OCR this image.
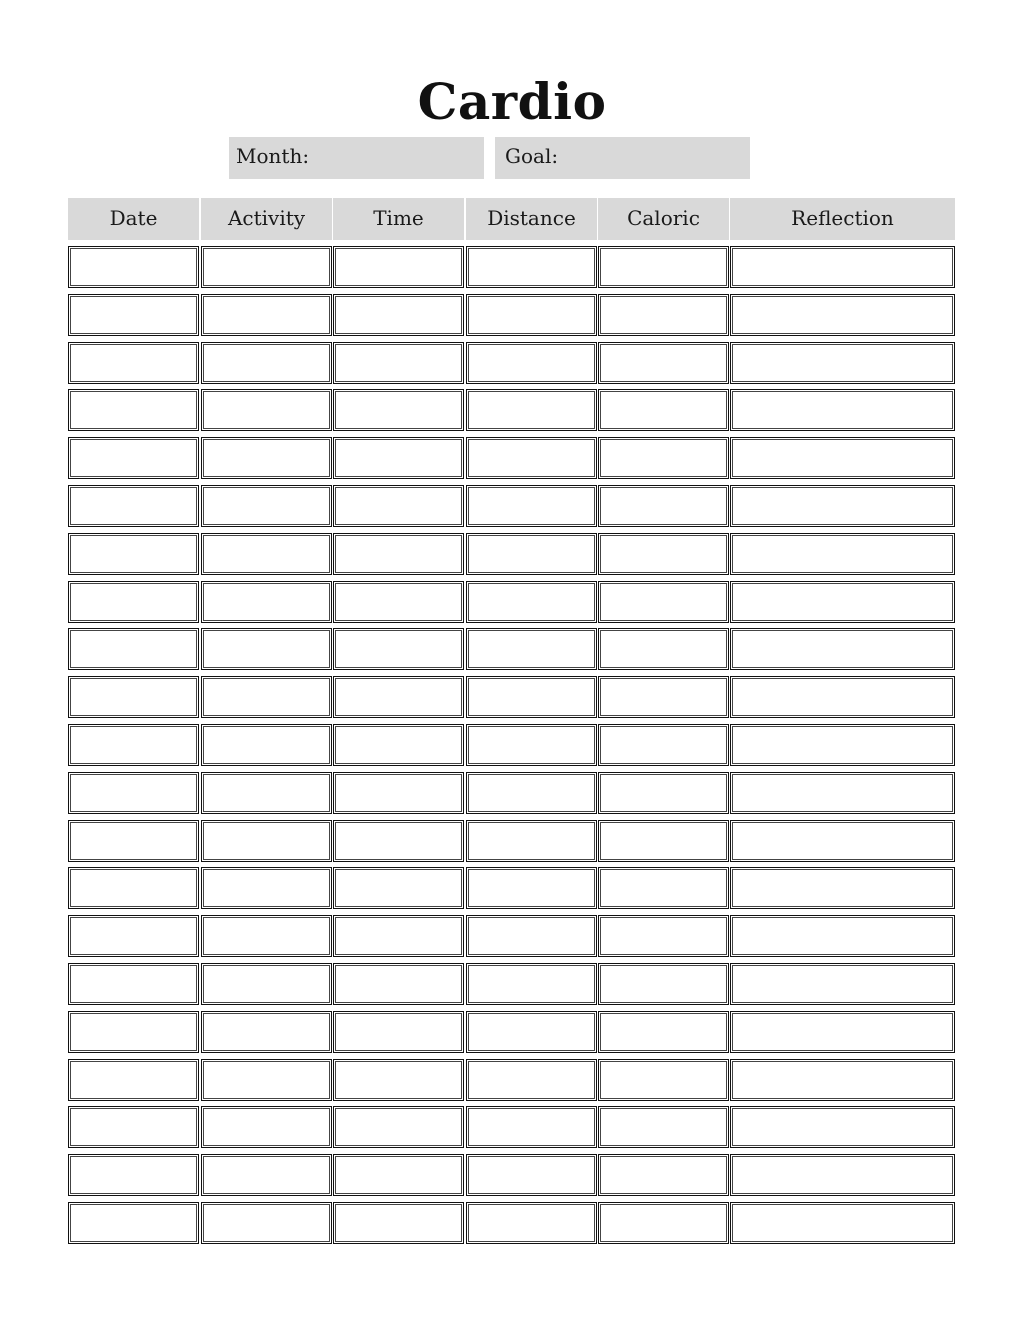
Cardio
Month:	Goal:
Date	Activity	Time	Distance	Caloric	Reflection
